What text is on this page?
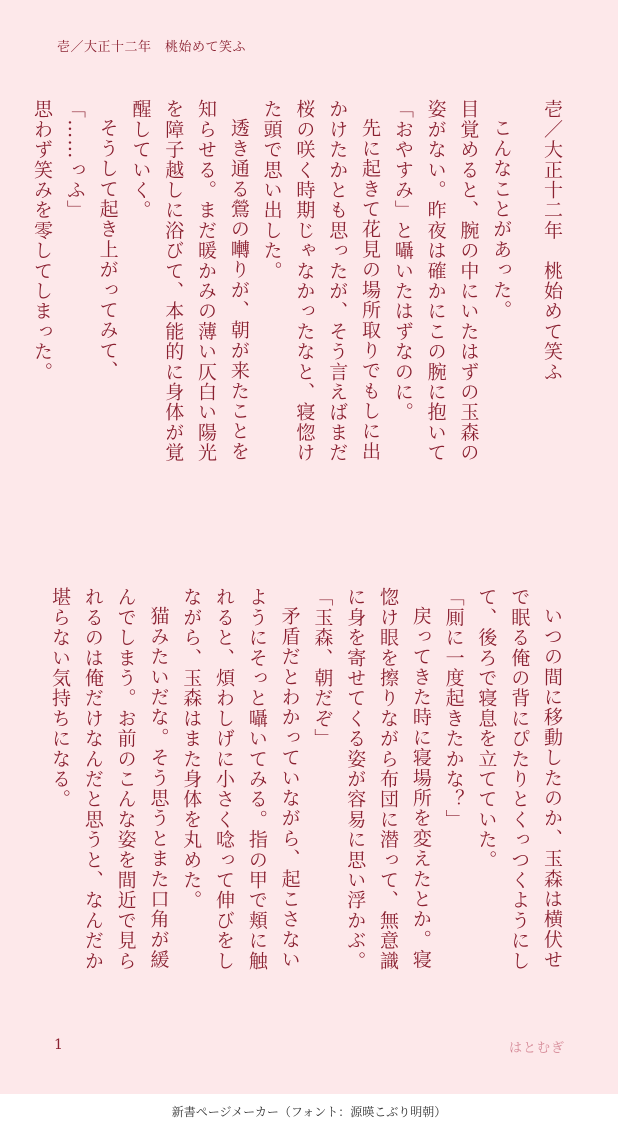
壱／大正十二年　桃始めて笑ふ

壱／大正十二年　桃始めて笑ふ

こんなことがあった。

目覚めると、腕の中にいたはずの玉森の姿がない。昨夜は確かにこの腕に抱いて「おやすみ」と囁いたはずなのに。

先に起きて花見の場所取りでもしに出かけたかとも思ったが、そう言えばまだ桜の咲く時期じゃなかったなと、寝惚けた頭で思い出した。

透き通る鶯の囀りが、朝が来たことを知らせる。まだ暖かみの薄い仄白い陽光を障子越しに浴びて、本能的に身体が覚醒していく。

そうして起き上がってみて、

「……っふ」

思わず笑みを零してしまった。

いつの間に移動したのか、玉森は横伏せで眠る俺の背にぴたりとくっつくようにして、後ろで寝息を立てていた。

「厠に一度起きたかな？」

戻ってきた時に寝場所を変えたとか。寝惚け眼を擦りながら布団に潜って、無意識に身を寄せてくる姿が容易に思い浮かぶ。

「玉森、朝だぞ」

矛盾だとわかっていながら、起こさないようにそっと囁いてみる。指の甲で頬に触れると、煩わしげに小さく唸って伸びをしながら、玉森はまた身体を丸めた。

猫みたいだな。そう思うとまた口角が緩んでしまう。お前のこんな姿を間近で見られるのは俺だけなんだと思うと、なんだか堪らない気持ちになる。

1	はとむぎ
新書ページメーカー（フォント：源暎こぶり明朝）
